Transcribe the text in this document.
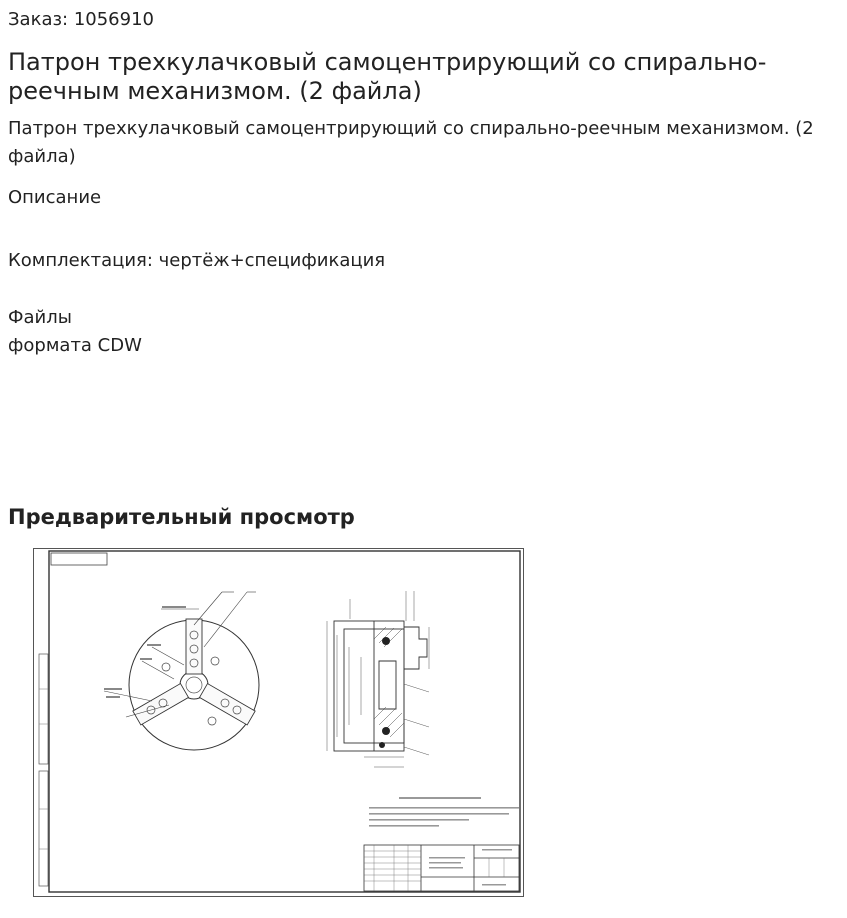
Заказ: 1056910
Патрон трехкулачковый самоцентрирующий со спирально-реечным механизмом. (2 файла)
Патрон трехкулачковый самоцентрирующий со спирально-реечным механизмом. (2 файла)
Описание
Комплектация: чертёж+спецификация
Файлы
формата CDW
Предварительный просмотр
